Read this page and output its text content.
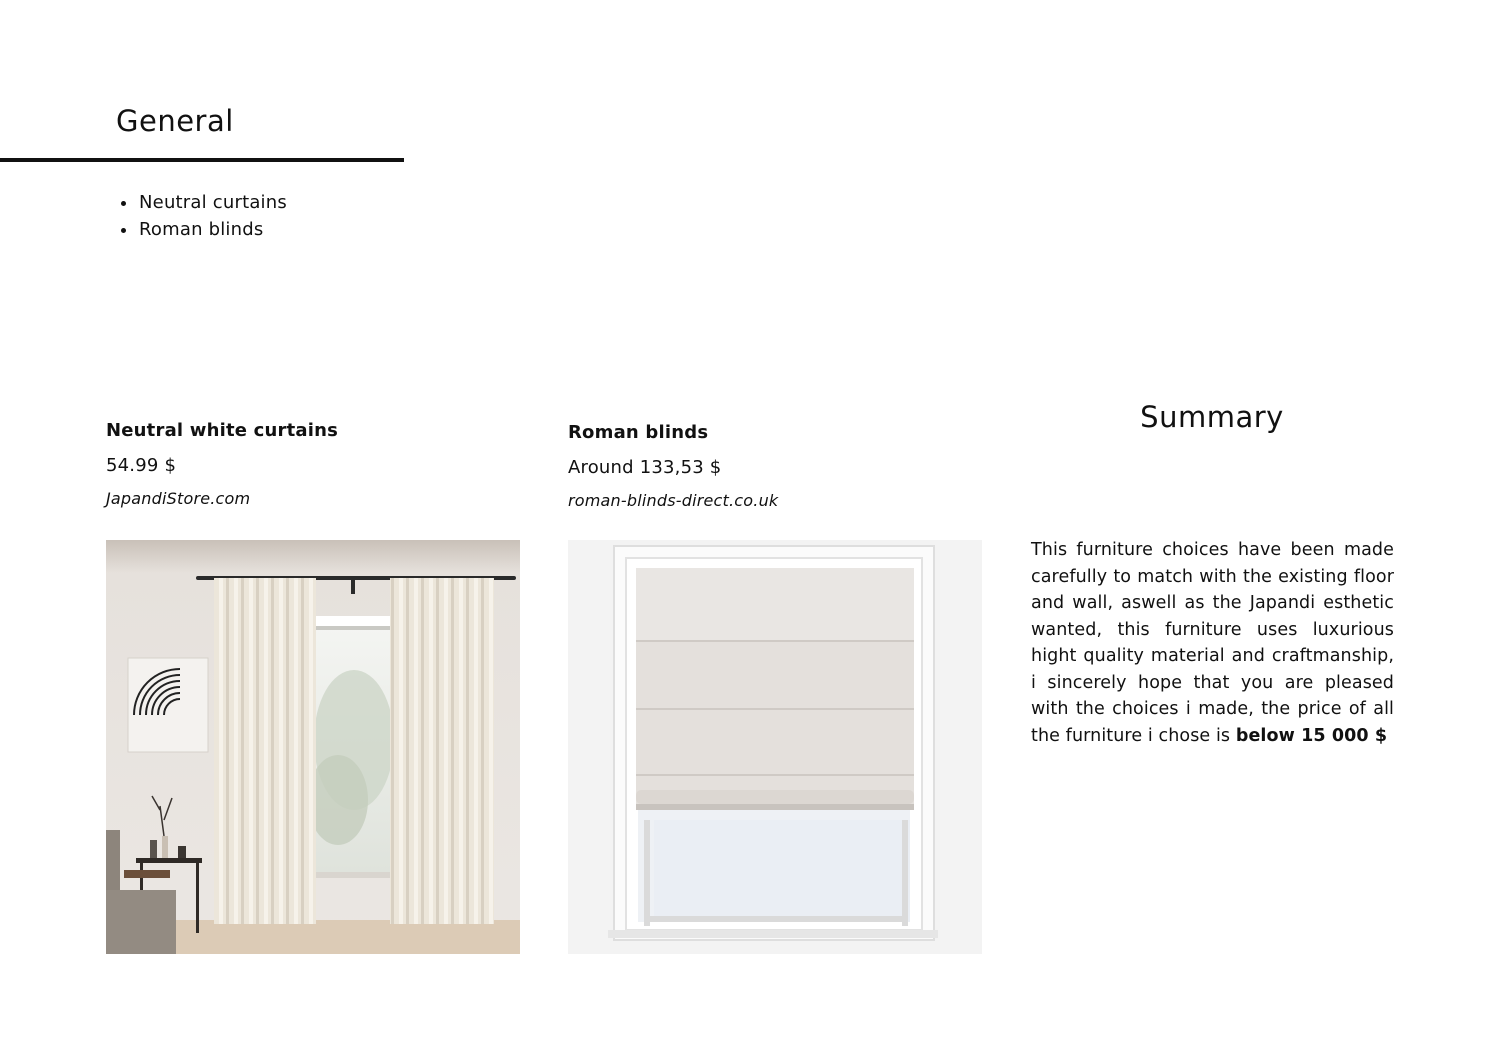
General
• Neutral curtains
• Roman blinds

Neutral white curtains

54.99 $

JapandiStore.com

Roman blinds

Around 133,53 $

roman-blinds-direct.co.uk

Summary

This furniture choices have been made carefully to match with the existing floor and wall, aswell as the Japandi esthetic wanted, this furniture uses luxurious hight quality material and craftmanship, i sincerely hope that you are pleased with the choices i made, the price of all the furniture i chose is below 15 000 $
